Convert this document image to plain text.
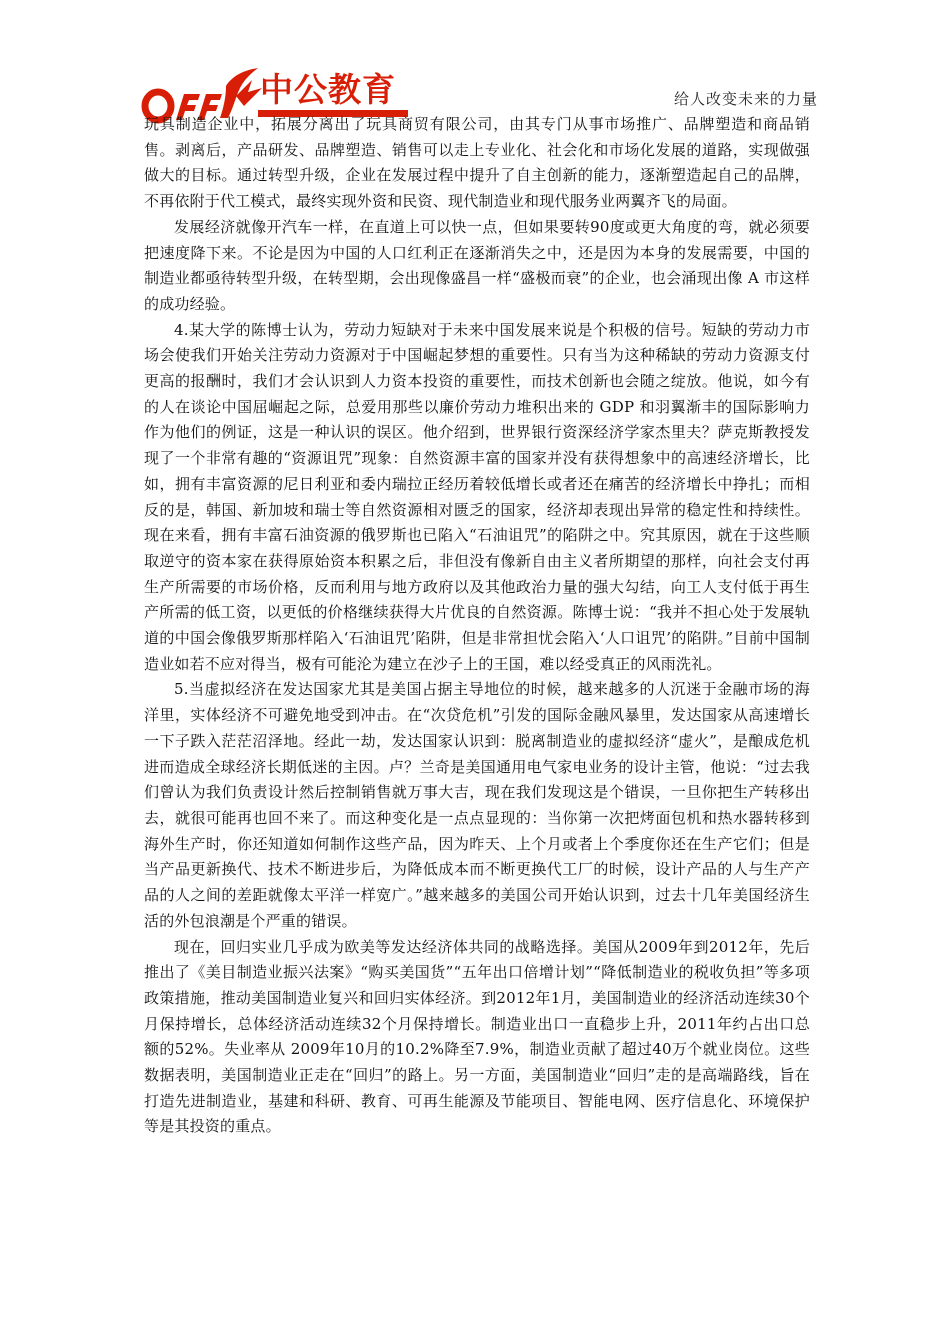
中公教育	给人改变未来的力量

玩具制造企业中，拓展分离出了玩具商贸有限公司，由其专门从事市场推广、品牌塑造和商品销售。剥离后，产品研发、品牌塑造、销售可以走上专业化、社会化和市场化发展的道路，实现做强做大的目标。通过转型升级，企业在发展过程中提升了自主创新的能力，逐渐塑造起自己的品牌，不再依附于代工模式，最终实现外资和民资、现代制造业和现代服务业两翼齐飞的局面。

发展经济就像开汽车一样，在直道上可以快一点，但如果要转90度或更大角度的弯，就必须要把速度降下来。不论是因为中国的人口红利正在逐渐消失之中，还是因为本身的发展需要，中国的制造业都亟待转型升级，在转型期，会出现像盛昌一样“盛极而衰”的企业，也会涌现出像 A 市这样的成功经验。

4.某大学的陈博士认为，劳动力短缺对于未来中国发展来说是个积极的信号。短缺的劳动力市场会使我们开始关注劳动力资源对于中国崛起梦想的重要性。只有当为这种稀缺的劳动力资源支付更高的报酬时，我们才会认识到人力资本投资的重要性，而技术创新也会随之绽放。他说，如今有的人在谈论中国屈崛起之际，总爱用那些以廉价劳动力堆积出来的 GDP 和羽翼渐丰的国际影响力作为他们的例证，这是一种认识的误区。他介绍到，世界银行资深经济学家杰里夫？萨克斯教授发现了一个非常有趣的“资源诅咒”现象：自然资源丰富的国家并没有获得想象中的高速经济增长，比如，拥有丰富资源的尼日利亚和委内瑞拉正经历着较低增长或者还在痛苦的经济增长中挣扎；而相反的是，韩国、新加坡和瑞士等自然资源相对匮乏的国家，经济却表现出异常的稳定性和持续性。现在来看，拥有丰富石油资源的俄罗斯也已陷入“石油诅咒”的陷阱之中。究其原因，就在于这些顺取逆守的资本家在获得原始资本积累之后，非但没有像新自由主义者所期望的那样，向社会支付再生产所需要的市场价格，反而利用与地方政府以及其他政治力量的强大勾结，向工人支付低于再生产所需的低工资，以更低的价格继续获得大片优良的自然资源。陈博士说：“我并不担心处于发展轨道的中国会像俄罗斯那样陷入‘石油诅咒’陷阱，但是非常担忧会陷入‘人口诅咒’的陷阱。”目前中国制造业如若不应对得当，极有可能沦为建立在沙子上的王国，难以经受真正的风雨洗礼。

5.当虚拟经济在发达国家尤其是美国占据主导地位的时候，越来越多的人沉迷于金融市场的海洋里，实体经济不可避免地受到冲击。在“次贷危机”引发的国际金融风暴里，发达国家从高速增长一下子跌入茫茫沼泽地。经此一劫，发达国家认识到：脱离制造业的虚拟经济“虚火”，是酿成危机进而造成全球经济长期低迷的主因。卢？兰奇是美国通用电气家电业务的设计主管，他说：“过去我们曾认为我们负责设计然后控制销售就万事大吉，现在我们发现这是个错误，一旦你把生产转移出去，就很可能再也回不来了。而这种变化是一点点显现的：当你第一次把烤面包机和热水器转移到海外生产时，你还知道如何制作这些产品，因为昨天、上个月或者上个季度你还在生产它们；但是当产品更新换代、技术不断进步后，为降低成本而不断更换代工厂的时候，设计产品的人与生产产品的人之间的差距就像太平洋一样宽广。”越来越多的美国公司开始认识到，过去十几年美国经济生活的外包浪潮是个严重的错误。

现在，回归实业几乎成为欧美等发达经济体共同的战略选择。美国从2009年到2012年，先后推出了《美目制造业振兴法案》“购买美国货”“五年出口倍增计划”“降低制造业的税收负担”等多项政策措施，推动美国制造业复兴和回归实体经济。到2012年1月，美国制造业的经济活动连续30个月保持增长，总体经济活动连续32个月保持增长。制造业出口一直稳步上升，2011年约占出口总额的52%。失业率从 2009年10月的10.2%降至7.9%，制造业贡献了超过40万个就业岗位。这些数据表明，美国制造业正走在“回归”的路上。另一方面，美国制造业“回归”走的是高端路线，旨在打造先进制造业，基建和科研、教育、可再生能源及节能项目、智能电网、医疗信息化、环境保护等是其投资的重点。
